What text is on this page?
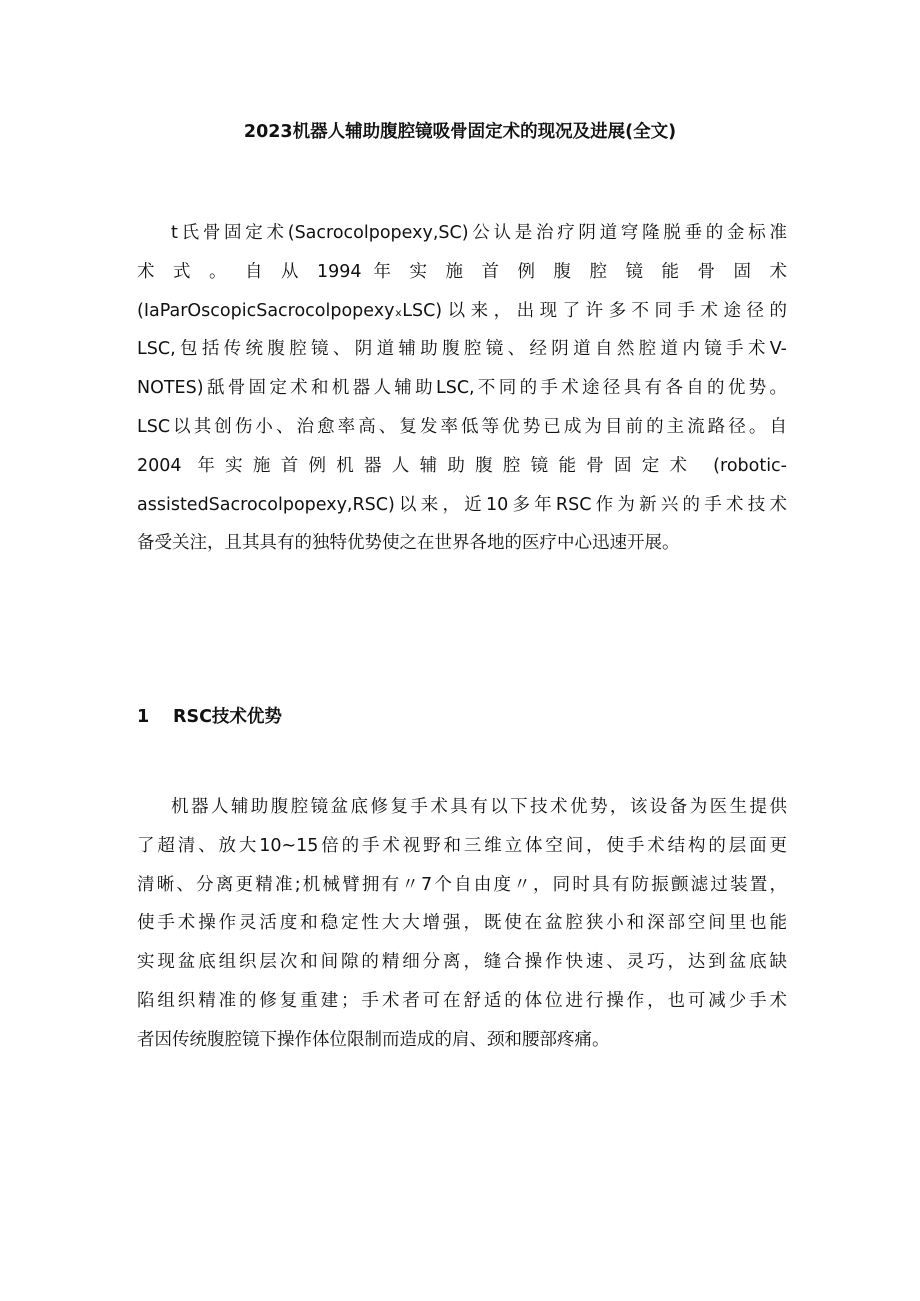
2023机器人辅助腹腔镜吸骨固定术的现况及进展(全文)
t氏骨固定术(Sacrocolpopexy,SC)公认是治疗阴道穹隆脱垂的金标准
术 式 。 自 从 1994 年 实 施 首 例 腹 腔 镜 能 骨 固 术
(IaParOscopicSacrocolpopexyₓLSC)以来，出现了许多不同手术途径的
LSC,包括传统腹腔镜、阴道辅助腹腔镜、经阴道自然腔道内镜手术V-
NOTES)舐骨固定术和机器人辅助LSC,不同的手术途径具有各自的优势。
LSC以其创伤小、治愈率高、复发率低等优势已成为目前的主流路径。自
2004 年实施首例机器人辅助腹腔镜能骨固定术 (robotic-
assistedSacrocolpopexy,RSC)以来，近10多年RSC作为新兴的手术技术
备受关注，且其具有的独特优势使之在世界各地的医疗中心迅速开展。
1 RSC技术优势
机器人辅助腹腔镜盆底修复手术具有以下技术优势，该设备为医生提供
了超清、放大10~15倍的手术视野和三维立体空间，使手术结构的层面更
清晰、分离更精准;机械臂拥有〃7个自由度〃，同时具有防振颤滤过装置，
使手术操作灵活度和稳定性大大增强，既使在盆腔狭小和深部空间里也能
实现盆底组织层次和间隙的精细分离，缝合操作快速、灵巧，达到盆底缺
陷组织精准的修复重建；手术者可在舒适的体位进行操作，也可减少手术
者因传统腹腔镜下操作体位限制而造成的肩、颈和腰部疼痛。
